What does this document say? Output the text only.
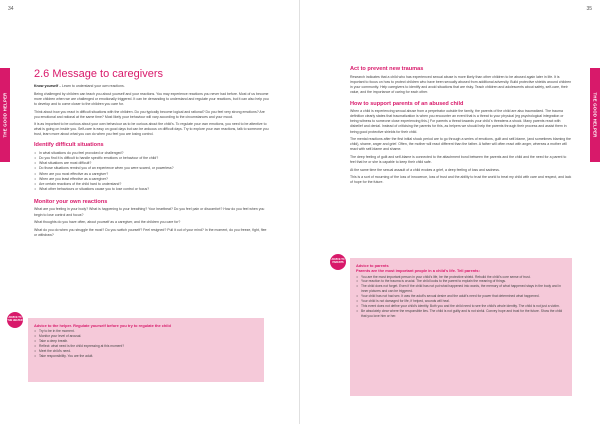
34
THE GOOD HELPER
2.6 Message to caregivers

Know yourself – Learn to understand your own reactions.

Being challenged by children can teach you about yourself and your reactions. You may experience reactions you never had before. Most of us become more children when we are challenged or emotionally triggered. It can be demanding to understand and regulate your reactions, but it can also help you to develop and to come closer to the children you care for.

Think about how you react in difficult situations with the children. Do you typically become logical and rational? Do you feel very strong emotions? Are you emotional and rational at the same time? Most likely your behaviour will vary according to the circumstances and your mood.

It is as important to be curious about your own behaviour as to be curious about the child's. To regulate your own emotions, you need to be attentive to what is going on inside you. Self-care is easy on good days but can be arduous on difficult days. Try to explore your own reactions, talk to someone you trust, learn more about what you can do when you feel you are losing control.

Identify difficult situations
• In what situations do you feel provoked or challenged?
• Do you find it is difficult to handle specific emotions or behaviour of the child?
• What situations are most difficult?
• Do those situations remind you of an experience when you were scared, or powerless?
• When are you most effective as a caregiver?
• When are you least effective as a caregiver?
• Are certain reactions of the child hard to understand?
• What other behaviours or situations cause you to lose control or focus?
Monitor your own reactions

What are you feeling in your body? What is happening to your breathing? Your heartbeat? Do you feel pain or discomfort? How do you feel when you begin to lose control and focus?

What thoughts do you have often, about yourself as a caregiver, and the children you care for?

What do you do when you struggle the most? Do you switch yourself? Feel resigned? Pull it out of your mind? In the moment, do you freeze, fight, flee or withdraw?

ADVICE TO THE HELPER
Advice to the helper. Regulate yourself before you try to regulate the child
• Try to be in the moment.
• Monitor your level of arousal.
• Take a deep breath.
• Reflect: what need is the child expressing at this moment?
• Meet the child's need.
• Take responsibility. You are the adult.
35
THE GOOD HELPER
Act to prevent new traumas

Research indicates that a child who has experienced sexual abuse is more likely than other children to be abused again later in life. It is important to focus on how to protect children who have been sexually abused from additional adversity. Build protective shields around children in your community. Help caregivers to identify and avoid situations that are risky. Teach children and adolescents about safety, self-care, their value, and the importance of caring for each other.

How to support parents of an abused child

When a child is experiencing sexual abuse from a perpetrator outside the family, the parents of the child are also traumatized. The trauma definition clearly states that traumatization is when you encounter an event that is a threat to your physical (eg psychological integration or being witness to someone close experiencing this.) For parents a threat towards your child´s threatens a shock. Many parents react with disbelief and denial. Instead of criticising the parents for this, as helpers we should help the parents through their process and assist them in being good protective shields for their child.

The mental reactions after the first initial shock period are to go through a series of emotions, guilt and self-blame, (and sometimes blaming the child), shame, anger and grief. Often, the mother will react different than the father. A father will often react with anger, whereas a mother will react with self-blame and shame.

The deep feeling of guilt and self-blame is connected to the attachment bond between the parents and the child and the need for a parent to feel that he or she is capable to keep their child safe.

At the same time the sexual assault of a child evokes a grief, a deep feeling of loss and sadness.

This is a sort of mourning of the loss of innocence, loss of trust and the ability to trust the world to treat my child with care and respect, and lack of hope for the future.

ADVICE TO PARENTS
Advice to parents
Parents are the most important people in a child's life. Tell parents:
• You are the most important person in your child's life, be the protective shield. Rebuild the child's core sense of trust.
• Your reaction to the trauma is crucial. The child looks to the parent to explain the meaning of things.
• The child does not forget. Even if the child has not put what happened into words, the memory of what happened stays in the body and in inner pictures and can be triggered.
• Your child has not had sex. It was the adult's sexual desire and the adult's need for power that determined what happened.
• Your child is not damaged for life, if helped, wounds will heal.
• This event does not define your child's identity. Both you and the child need to see the child's whole identity. The child is not just a victim.
• Be absolutely clear where the responsible lies. The child is not guilty and is not sinful. Convey hope and trust for the future. Show the child that you love him or her.
